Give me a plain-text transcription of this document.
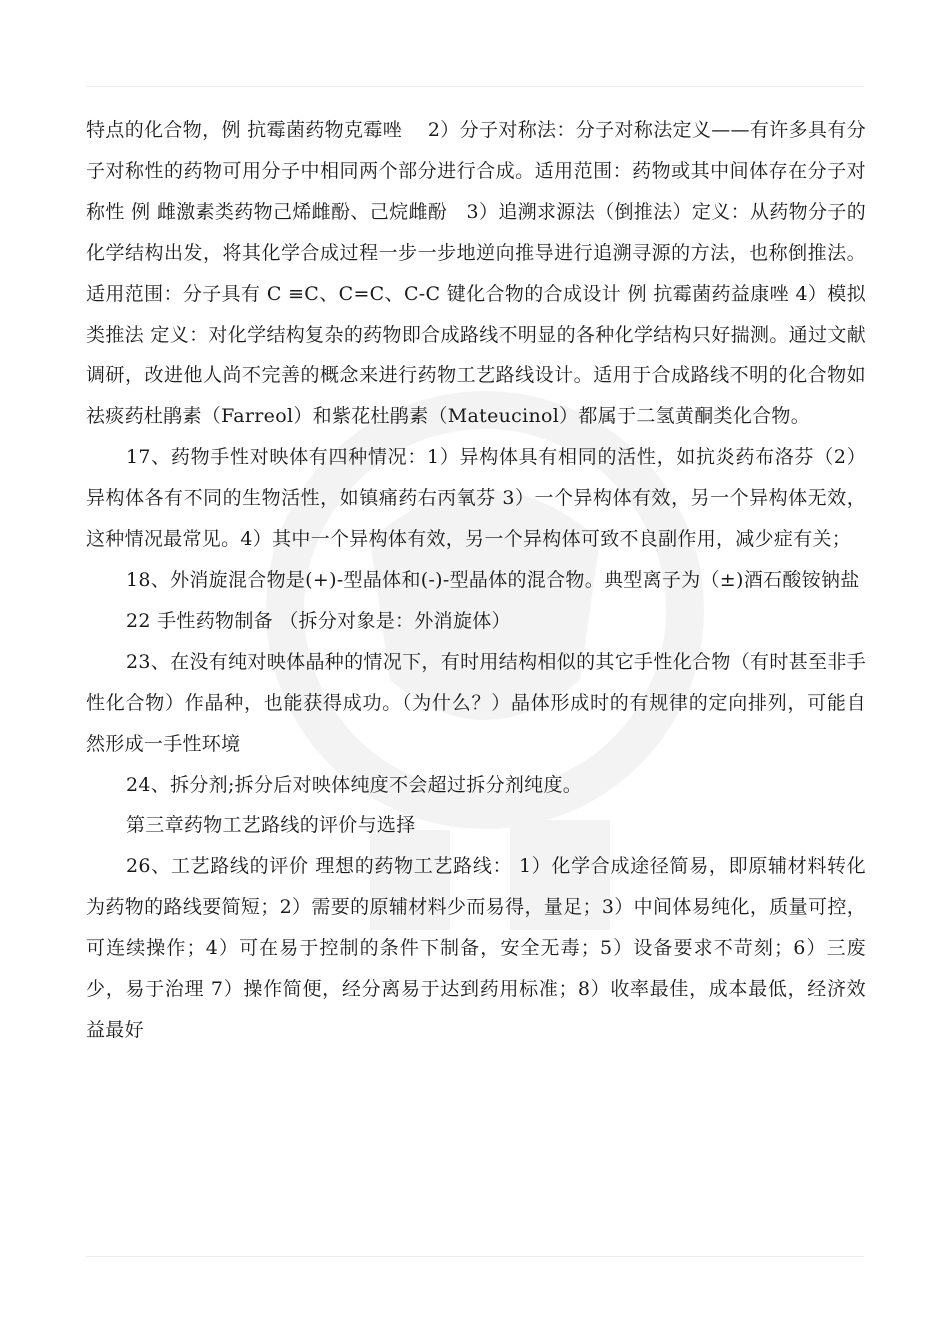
特点的化合物，例 抗霉菌药物克霉唑　 2）分子对称法：分子对称法定义——有许多具有分子对称性的药物可用分子中相同两个部分进行合成。适用范围：药物或其中间体存在分子对称性 例 雌激素类药物己烯雌酚、己烷雌酚　3）追溯求源法（倒推法）定义：从药物分子的化学结构出发，将其化学合成过程一步一步地逆向推导进行追溯寻源的方法，也称倒推法。适用范围：分子具有 C ≡C、C=C、C-C 键化合物的合成设计 例 抗霉菌药益康唑 4）模拟类推法 定义：对化学结构复杂的药物即合成路线不明显的各种化学结构只好揣测。通过文献调研，改进他人尚不完善的概念来进行药物工艺路线设计。适用于合成路线不明的化合物如祛痰药杜鹃素（Farreol）和紫花杜鹃素（Mateucinol）都属于二氢黄酮类化合物。

17、药物手性对映体有四种情况：1）异构体具有相同的活性，如抗炎药布洛芬（2）异构体各有不同的生物活性，如镇痛药右丙氧芬 3）一个异构体有效，另一个异构体无效，这种情况最常见。4）其中一个异构体有效，另一个异构体可致不良副作用，减少症有关；

18、外消旋混合物是(+)-型晶体和(-)-型晶体的混合物。典型离子为（±)酒石酸铵钠盐

22 手性药物制备 （拆分对象是：外消旋体）

23、在没有纯对映体晶种的情况下，有时用结构相似的其它手性化合物（有时甚至非手性化合物）作晶种，也能获得成功。（为什么？）晶体形成时的有规律的定向排列，可能自然形成一手性环境

24、拆分剂;拆分后对映体纯度不会超过拆分剂纯度。

第三章药物工艺路线的评价与选择

26、工艺路线的评价 理想的药物工艺路线： 1）化学合成途径简易，即原辅材料转化为药物的路线要简短；2）需要的原辅材料少而易得，量足；3）中间体易纯化，质量可控，可连续操作；4）可在易于控制的条件下制备，安全无毒；5）设备要求不苛刻；6）三废少，易于治理 7）操作简便，经分离易于达到药用标准；8）收率最佳，成本最低，经济效益最好
